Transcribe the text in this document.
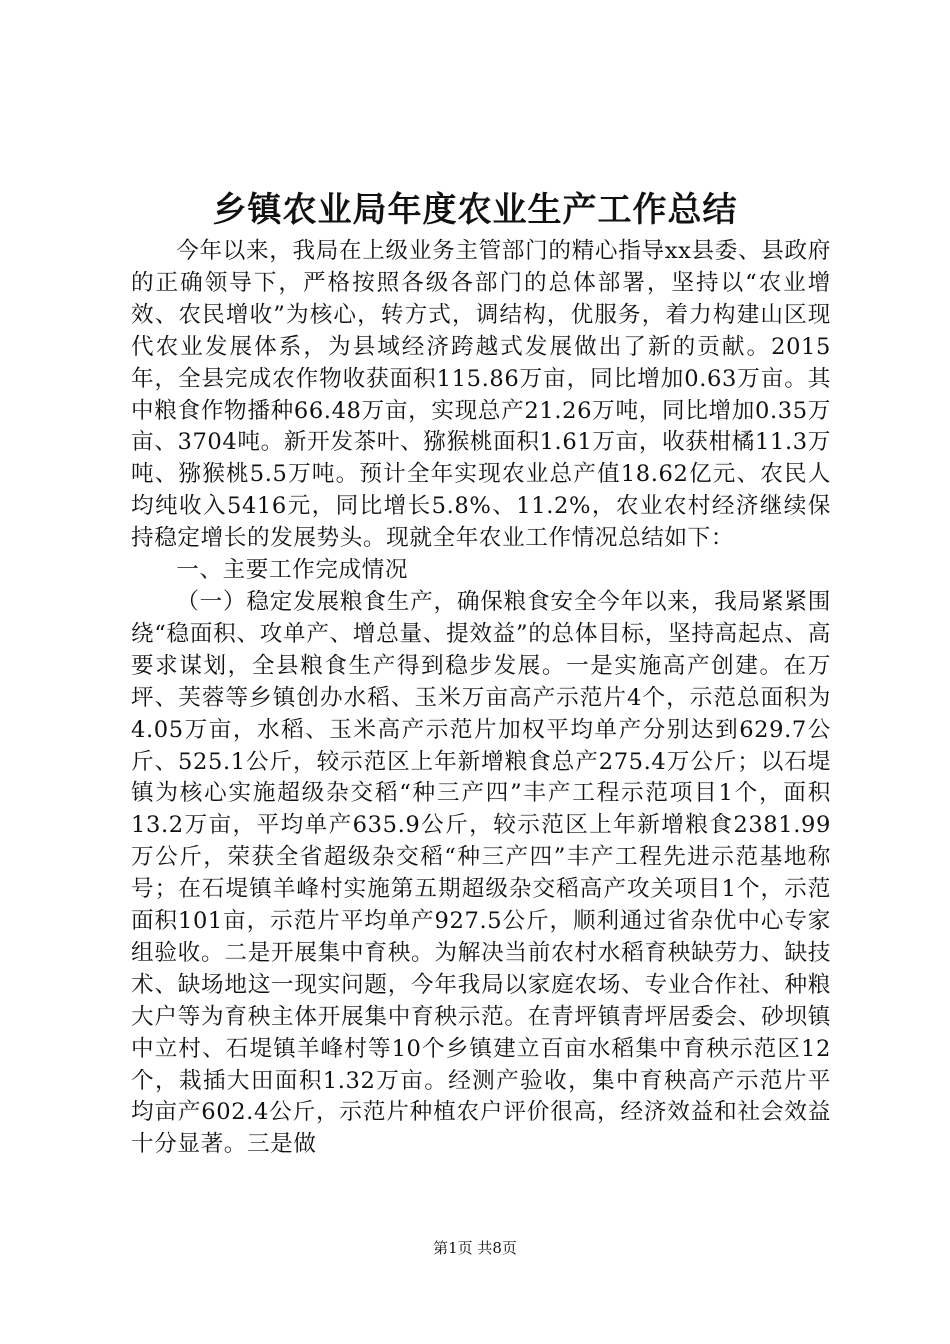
乡镇农业局年度农业生产工作总结

今年以来，我局在上级业务主管部门的精心指导xx县委、县政府的正确领导下，严格按照各级各部门的总体部署，坚持以“农业增效、农民增收”为核心，转方式，调结构，优服务，着力构建山区现代农业发展体系，为县域经济跨越式发展做出了新的贡献。2015年，全县完成农作物收获面积115.86万亩，同比增加0.63万亩。其中粮食作物播种66.48万亩，实现总产21.26万吨，同比增加0.35万亩、3704吨。新开发茶叶、猕猴桃面积1.61万亩，收获柑橘11.3万吨、猕猴桃5.5万吨。预计全年实现农业总产值18.62亿元、农民人均纯收入5416元，同比增长5.8%、11.2%，农业农村经济继续保持稳定增长的发展势头。现就全年农业工作情况总结如下：

一、主要工作完成情况

（一）稳定发展粮食生产，确保粮食安全今年以来，我局紧紧围绕“稳面积、攻单产、增总量、提效益”的总体目标，坚持高起点、高要求谋划，全县粮食生产得到稳步发展。一是实施高产创建。在万坪、芙蓉等乡镇创办水稻、玉米万亩高产示范片4个，示范总面积为4.05万亩，水稻、玉米高产示范片加权平均单产分别达到629.7公斤、525.1公斤，较示范区上年新增粮食总产275.4万公斤；以石堤镇为核心实施超级杂交稻“种三产四”丰产工程示范项目1个，面积13.2万亩，平均单产635.9公斤，较示范区上年新增粮食2381.99万公斤，荣获全省超级杂交稻“种三产四”丰产工程先进示范基地称号；在石堤镇羊峰村实施第五期超级杂交稻高产攻关项目1个，示范面积101亩，示范片平均单产927.5公斤，顺利通过省杂优中心专家组验收。二是开展集中育秧。为解决当前农村水稻育秧缺劳力、缺技术、缺场地这一现实问题，今年我局以家庭农场、专业合作社、种粮大户等为育秧主体开展集中育秧示范。在青坪镇青坪居委会、砂坝镇中立村、石堤镇羊峰村等10个乡镇建立百亩水稻集中育秧示范区12个，栽插大田面积1.32万亩。经测产验收，集中育秧高产示范片平均亩产602.4公斤，示范片种植农户评价很高，经济效益和社会效益十分显著。三是做

第1页 共8页
